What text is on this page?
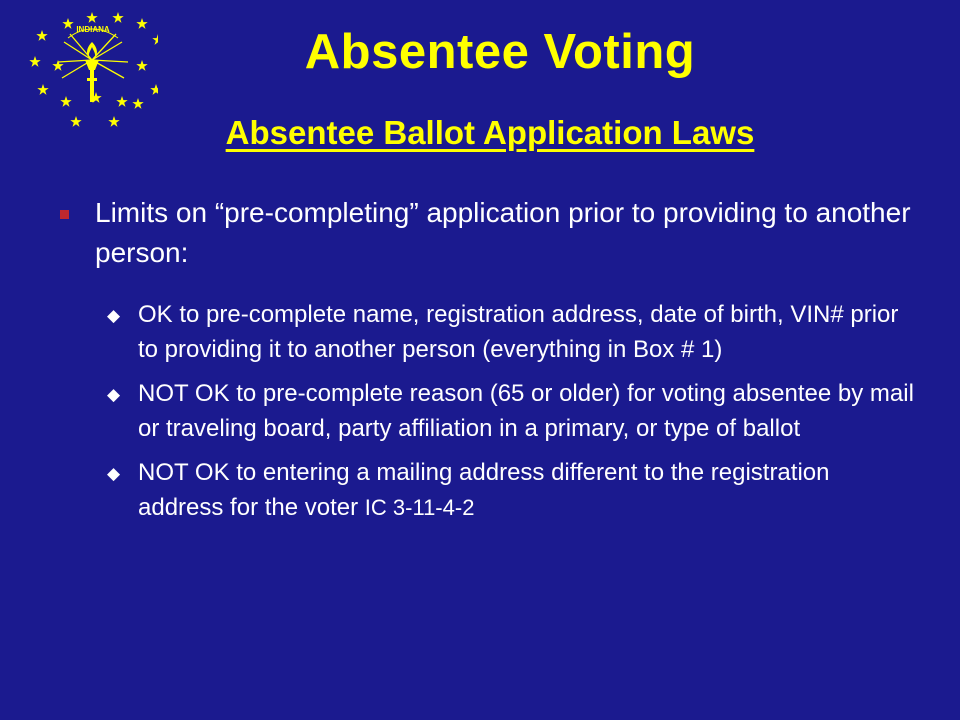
INDIANA	Absentee Voting
Absentee Ballot Application Laws

Limits on “pre-completing” application prior to providing to another person:

◆ OK to pre-complete name, registration address, date of birth, VIN# prior to providing it to another person (everything in Box # 1)

◆ NOT OK to pre-complete reason (65 or older) for voting absentee by mail or traveling board, party affiliation in a primary, or type of ballot

◆ NOT OK to entering a mailing address different to the registration address for the voter IC 3-11-4-2
